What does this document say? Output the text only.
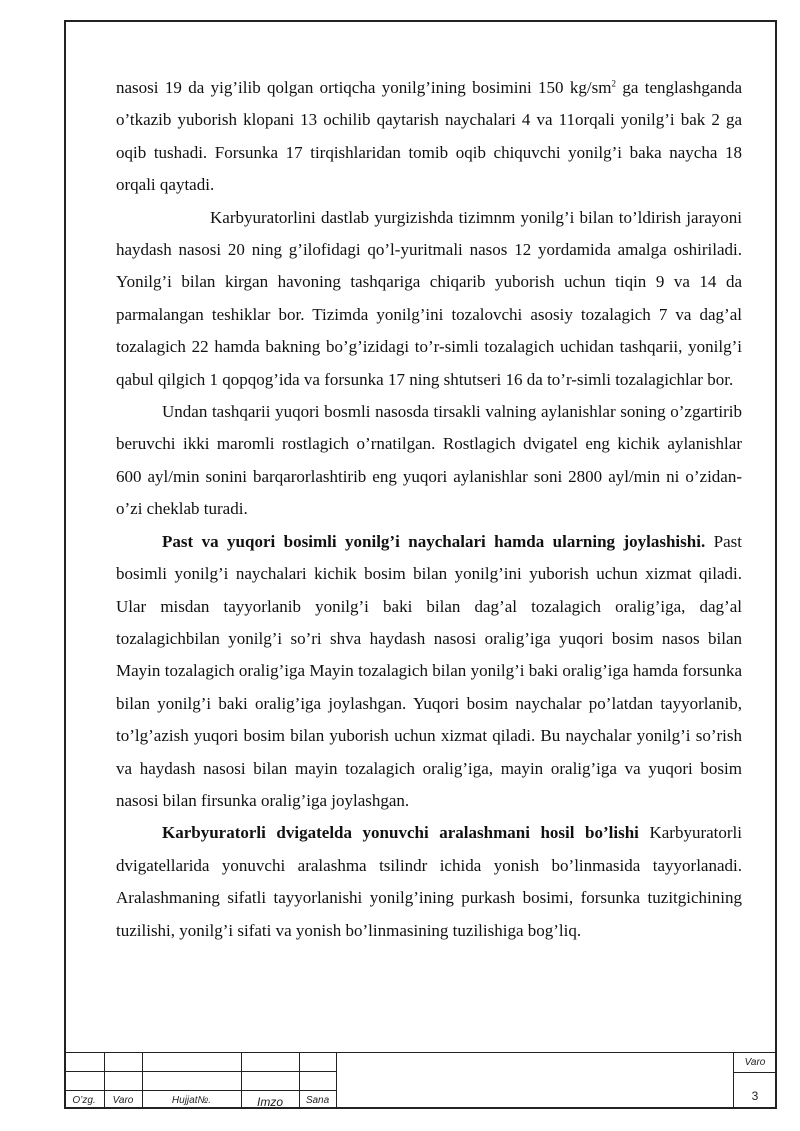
nasosi 19 da yig’ilib qolgan ortiqcha yonilg’ining bosimini 150 $kg/sm^2$ ga tenglashganda o’tkazib yuborish klopani 13 ochilib qaytarish naychalari 4 va 11orqali yonilg’i bak 2 ga oqib tushadi. Forsunka 17 tirqishlaridan tomib oqib chiquvchi yonilg’i baka naycha 18 orqali qaytadi.

Karbyuratorlini dastlab yurgizishda tizimnm yonilg’i bilan to’ldirish jarayoni haydash nasosi 20 ning g’ilofidagi qo’l-yuritmali nasos 12 yordamida amalga oshiriladi. Yonilg’i bilan kirgan havoning tashqariga chiqarib yuborish uchun tiqin 9 va 14 da parmalangan teshiklar bor. Tizimda yonilg’ini tozalovchi asosiy tozalagich 7 va dag’al tozalagich 22 hamda bakning bo’g’izidagi to’r-simli tozalagich uchidan tashqarii, yonilg’i qabul qilgich 1 qopqog’ida va forsunka 17 ning shtutseri 16 da to’r-simli tozalagichlar bor.

Undan tashqarii yuqori bosmli nasosda tirsakli valning aylanishlar soning o’zgartirib beruvchi ikki maromli rostlagich o’rnatilgan. Rostlagich dvigatel eng kichik aylanishlar 600 ayl/min sonini barqarorlashtirib eng yuqori aylanishlar soni 2800 ayl/min ni o’zidan-o’zi cheklab turadi.

Past va yuqori bosimli yonilg’i naychalari hamda ularning joylashishi. Past bosimli yonilg’i naychalari kichik bosim bilan yonilg’ini yuborish uchun xizmat qiladi. Ular misdan tayyorlanib yonilg’i baki bilan dag’al tozalagich oralig’iga, dag’al tozalagichbilan yonilg’i so’ri shva haydash nasosi oralig’iga yuqori bosim nasos bilan Mayin tozalagich oralig’iga Mayin tozalagich bilan yonilg’i baki oralig’iga hamda forsunka bilan yonilg’i baki oralig’iga joylashgan. Yuqori bosim naychalar po’latdan tayyorlanib, to’lg’azish yuqori bosim bilan yuborish uchun xizmat qiladi. Bu naychalar yonilg’i so’rish va haydash nasosi bilan mayin tozalagich oralig’iga, mayin oralig’iga va yuqori bosim nasosi bilan firsunka oralig’iga joylashgan.

Karbyuratorli dvigatelda yonuvchi aralashmani hosil bo’lishi Karbyuratorli dvigatellarida yonuvchi aralashma tsilindr ichida yonish bo’linmasida tayyorlanadi. Aralashmaning sifatli tayyorlanishi yonilg’ining purkash bosimi, forsunka tuzitgichining tuzilishi, yonilg’i sifati va yonish bo’linmasining tuzilishiga bog’liq.

O’zg.	Varo	Hujjat№.	Imzo	Sana
Varo
3
